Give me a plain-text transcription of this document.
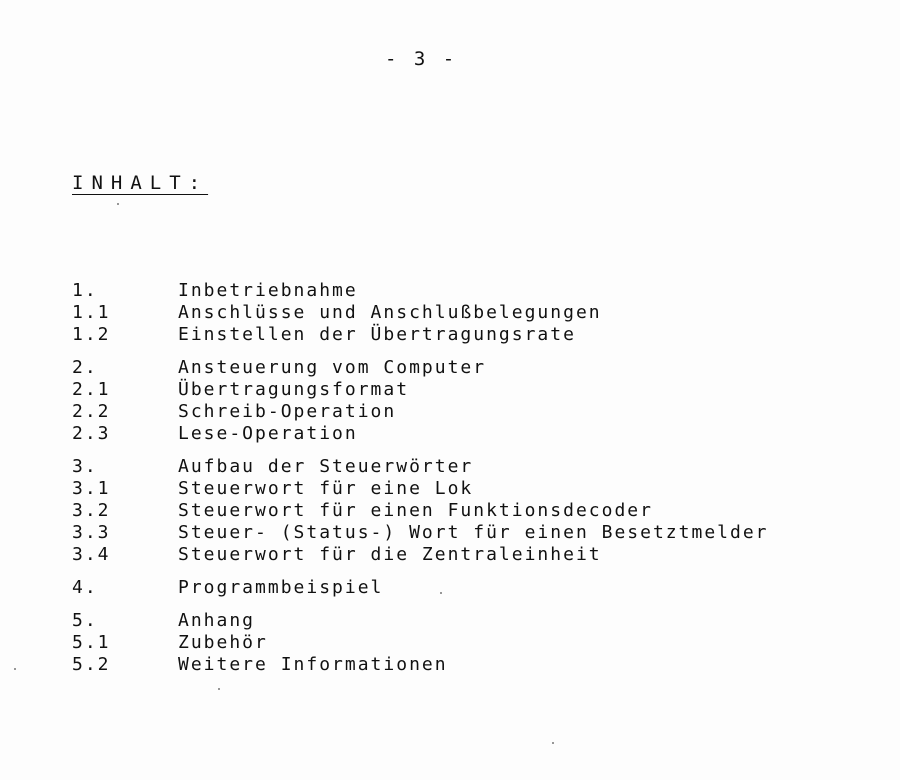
- 3 -
INHALT:
1.	Inbetriebnahme
1.1	Anschlüsse und Anschlußbelegungen
1.2	Einstellen der Übertragungsrate
2.	Ansteuerung vom Computer
2.1	Übertragungsformat
2.2	Schreib-Operation
2.3	Lese-Operation
3.	Aufbau der Steuerwörter
3.1	Steuerwort für eine Lok
3.2	Steuerwort für einen Funktionsdecoder
3.3	Steuer- (Status-) Wort für einen Besetztmelder
3.4	Steuerwort für die Zentraleinheit
4.	Programmbeispiel
5.	Anhang
5.1	Zubehör
5.2	Weitere Informationen
